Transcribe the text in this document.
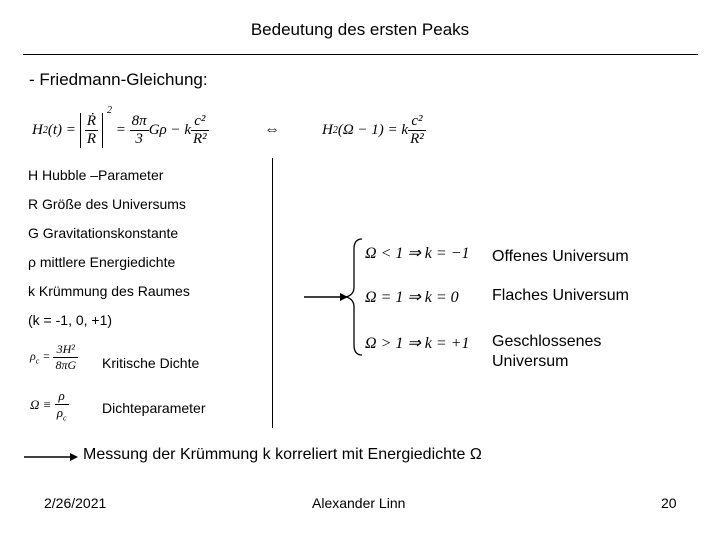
Bedeutung des ersten Peaks
- Friedmann-Gleichung:
H 2 $(t) = \frac{\text{Ṙ}}{R}$
$^2$
= $\frac{8\pi}{3}$ Gρ − k $\frac{\text{c²}}{\text{R²}}$	⇔	H 2 (Ω − 1) = k $\frac{\text{c²}}{\text{R²}}$
H Hubble –Parameter
R Größe des Universums
G Gravitationskonstante
ρ mittlere Energiedichte
k Krümmung des Raumes
(k = -1, 0, +1)
$\rho_c = \frac{\text{3H²}}{8\pi G}$ Kritische Dichte
$\Omega \equiv \frac{\rho}{\rho_c}$ Dichteparameter
Ω < 1 ⇒ k = −1 Offenes Universum
Ω = 1 ⇒ k = 0 Flaches Universum
Ω > 1 ⇒ k = +1 Geschlossenes Universum
Messung der Krümmung k korreliert mit Energiedichte Ω
2/26/2021	Alexander Linn	20
